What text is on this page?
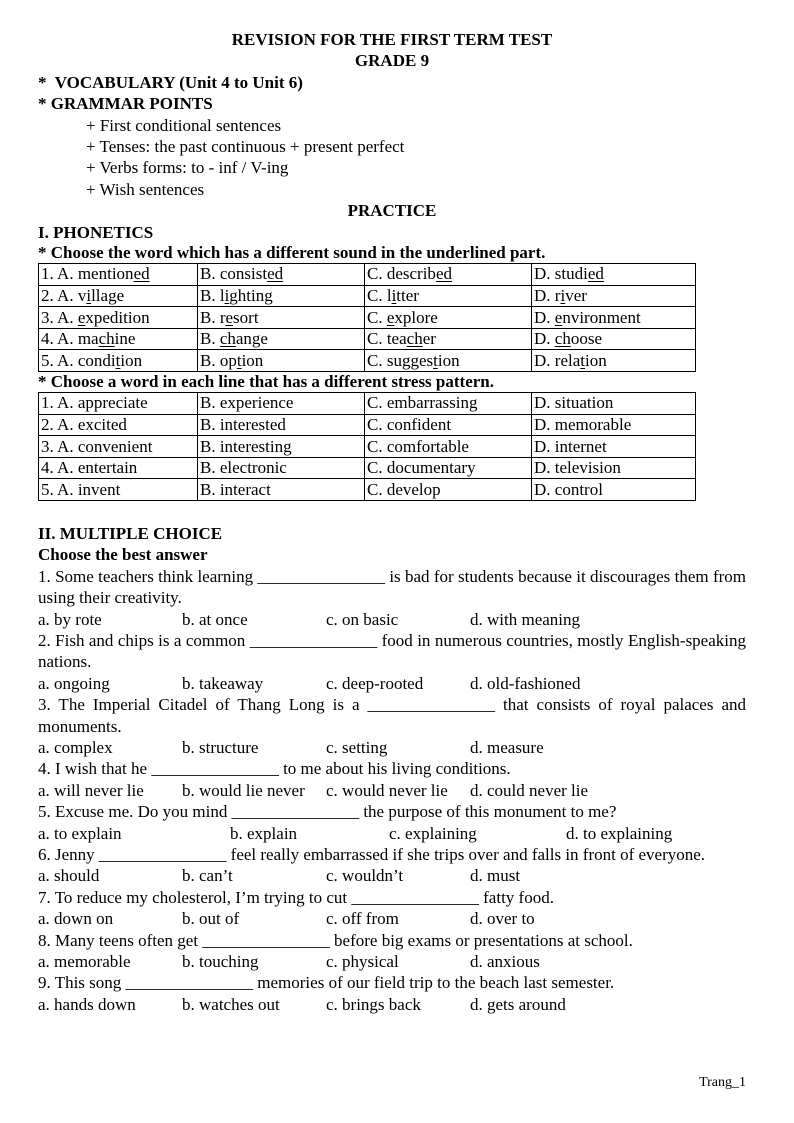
REVISION FOR THE FIRST TERM TEST
GRADE 9
*  VOCABULARY (Unit 4 to Unit 6)
* GRAMMAR POINTS
+ First conditional sentences
+ Tenses: the past continuous + present perfect
+ Verbs forms: to - inf / V-ing
+ Wish sentences
PRACTICE
I. PHONETICS
* Choose the word which has a different sound in the underlined part.
1. A. mentioned	B. consisted	C. described	D. studied
2. A. village	B. lighting	C. litter	D. river
3. A. expedition	B. resort	C. explore	D. environment
4. A. machine	B. change	C. teacher	D. choose
5. A. condition	B. option	C. suggestion	D. relation
* Choose a word in each line that has a different stress pattern.
1. A. appreciate	B. experience	C. embarrassing	D. situation
2. A. excited	B. interested	C. confident	D. memorable
3. A. convenient	B. interesting	C. comfortable	D. internet
4. A. entertain	B. electronic	C. documentary	D. television
5. A. invent	B. interact	C. develop	D. control
II. MULTIPLE CHOICE
Choose the best answer
1. Some teachers think learning _______________ is bad for students because it discourages them from using their creativity.
a. by rote	b. at once	c. on basic	d. with meaning
2. Fish and chips is a common _______________ food in numerous countries, mostly English-speaking nations.
a. ongoing	b. takeaway	c. deep-rooted	d. old-fashioned
3. The Imperial Citadel of Thang Long is a _______________ that consists of royal palaces and monuments.
a. complex	b. structure	c. setting	d. measure
4. I wish that he _______________ to me about his living conditions.
a. will never lie b. would lie never c. would never lie d. could never lie
5. Excuse me. Do you mind _______________ the purpose of this monument to me?
a. to explain	b. explain	c. explaining	d. to explaining
6. Jenny _______________ feel really embarrassed if she trips over and falls in front of everyone.
a. should	b. can’t	c. wouldn’t	d. must
7. To reduce my cholesterol, I’m trying to cut _______________ fatty food.
a. down on	b. out of	c. off from	d. over to
8. Many teens often get _______________ before big exams or presentations at school.
a. memorable	b. touching	c. physical	d. anxious
9. This song _______________ memories of our field trip to the beach last semester.
a. hands down	b. watches out	c. brings back	d. gets around
Trang_1
